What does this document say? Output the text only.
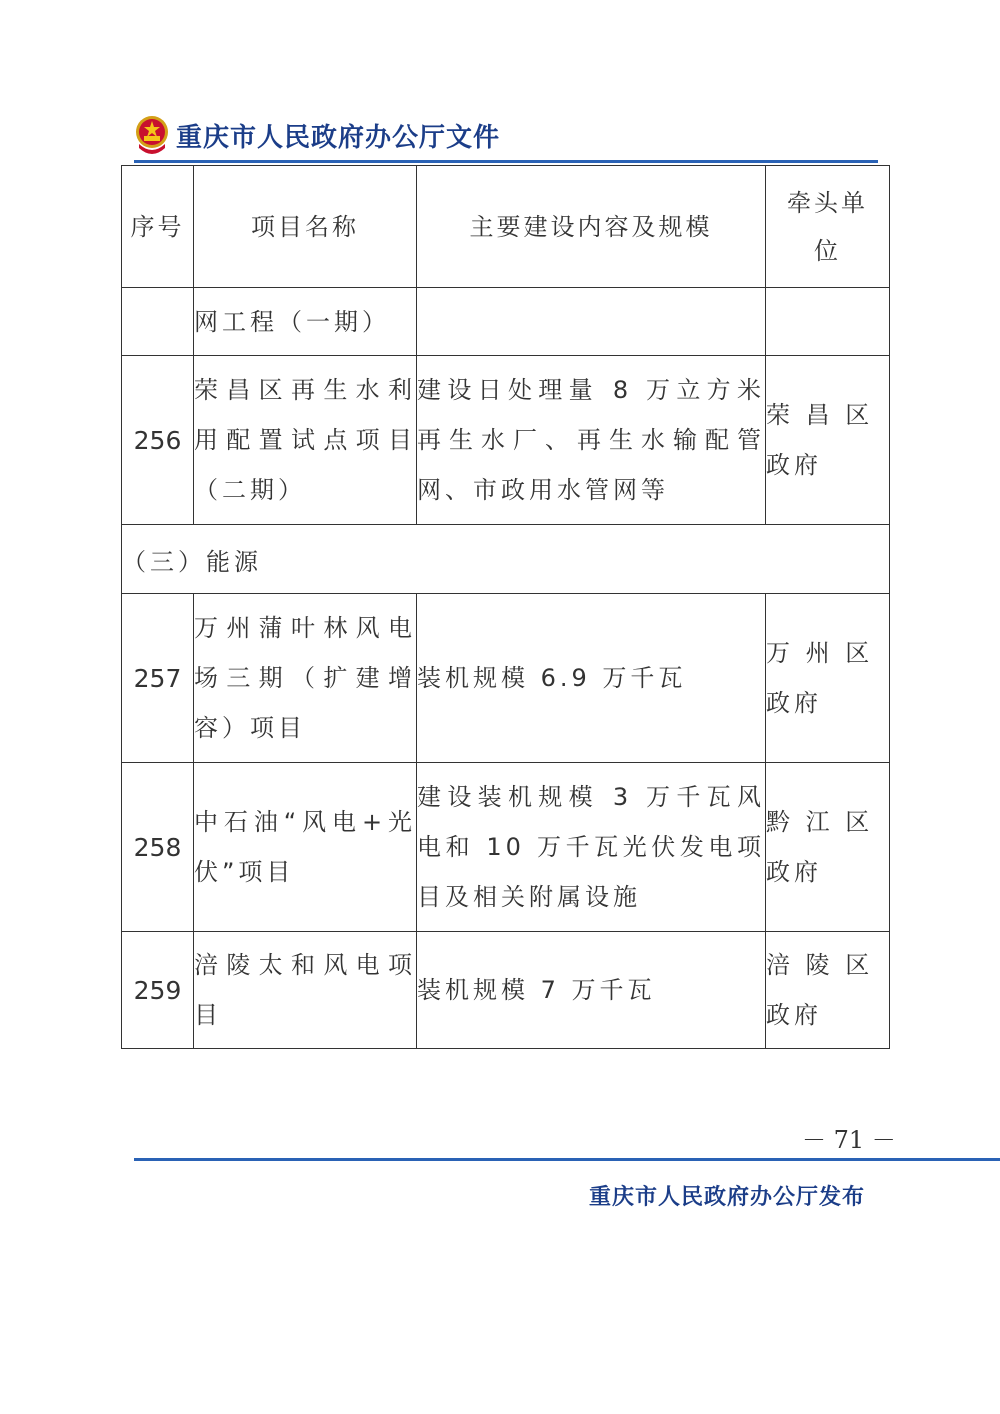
重庆市人民政府办公厅文件
序号	项目名称	主要建设内容及规模	牵头单位
	网工程（一期）		
256	荣昌区再生水利用配置试点项目（二期）	建设日处理量 8 万立方米再生水厂、再生水输配管网、市政用水管网等	荣 昌 区 政府
（三）能源			
257	万州蒲叶林风电场三期（扩建增容）项目	装机规模 6.9 万千瓦	万 州 区 政府
258	中石油“风电+光伏”项目	建设装机规模 3 万千瓦风电和 10 万千瓦光伏发电项目及相关附属设施	黔 江 区 政府
259	涪陵太和风电项目	装机规模 7 万千瓦	涪 陵 区 政府
－ 71 －
重庆市人民政府办公厅发布
